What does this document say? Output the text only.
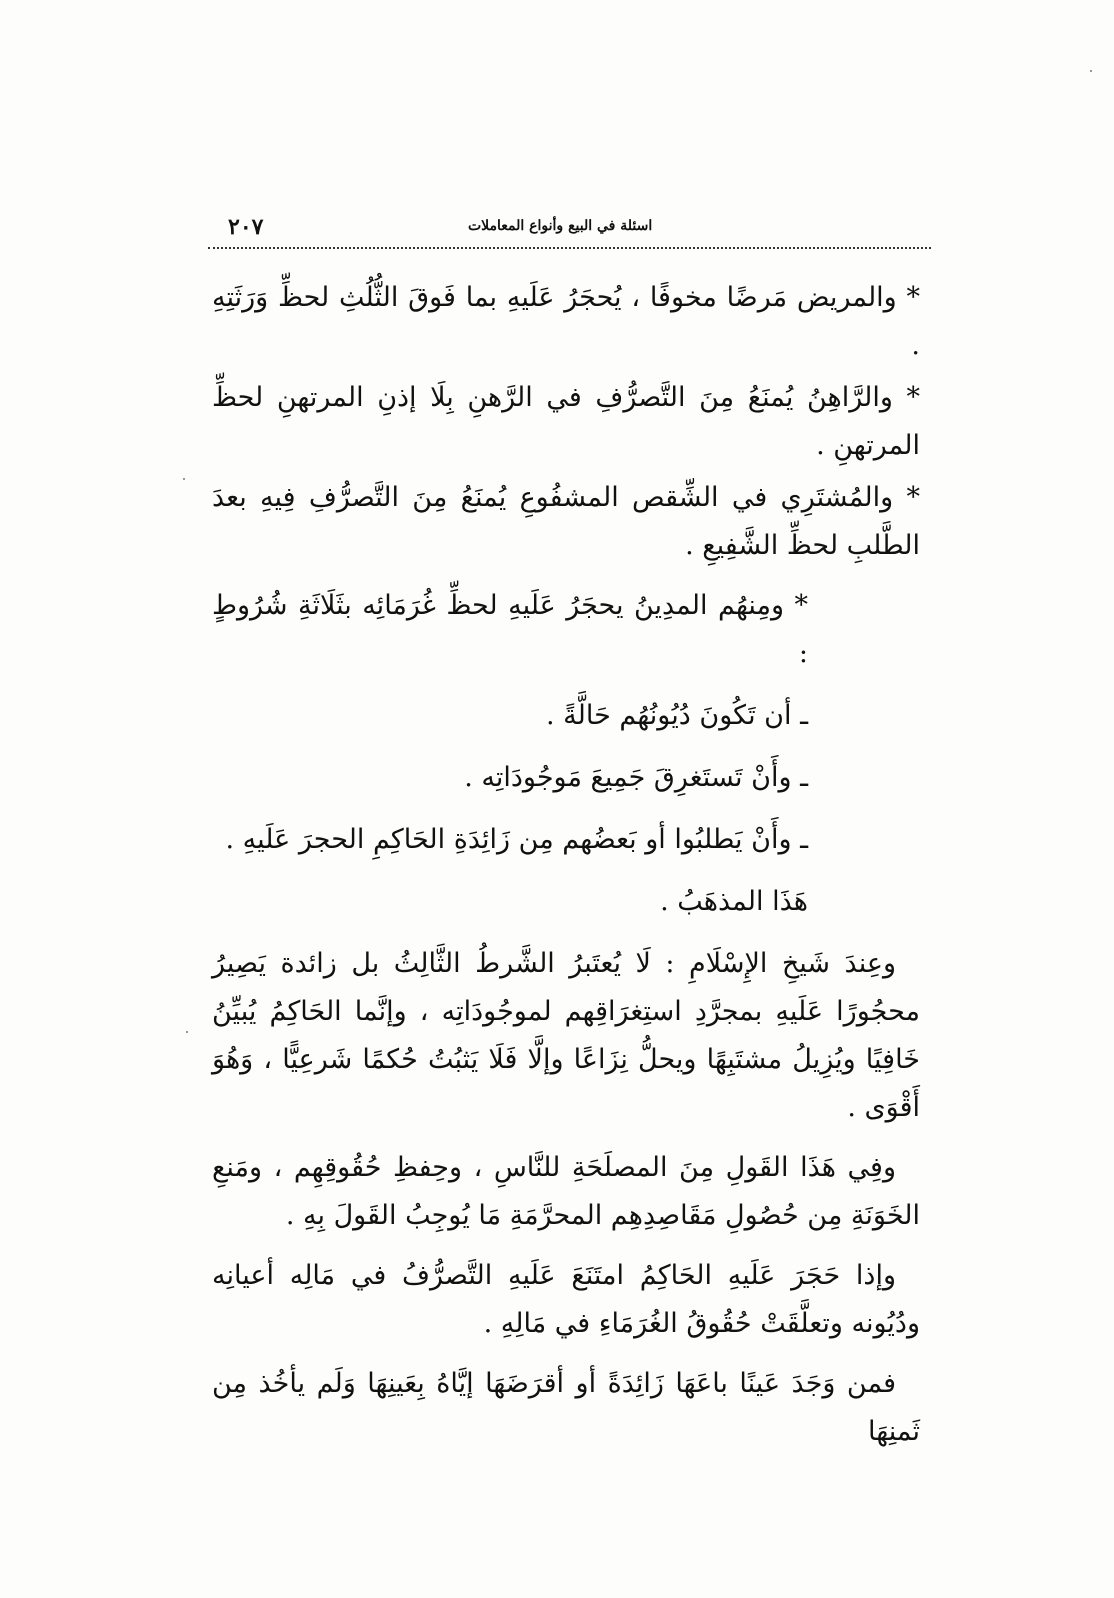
٢٠٧	اسئلة في البيع وأنواع المعاملات

* والمريض مَرضًا مخوفًا ، يُحجَرُ عَلَيهِ بما فَوقَ الثُّلُثِ لحظِّ وَرَثَتِهِ .

* والرَّاهِنُ يُمنَعُ مِنَ التَّصرُّفِ في الرَّهنِ بِلَا إذنِ المرتهنِ لحظِّ المرتهنِ .

* والمُشتَرِي في الشِّقص المشفُوعِ يُمنَعُ مِنَ التَّصرُّفِ فِيهِ بعدَ الطَّلبِ لحظِّ الشَّفِيعِ .

* ومِنهُم المدِينُ يحجَرُ عَلَيهِ لحظِّ غُرَمَائِه بثَلَاثَةِ شُرُوطٍ :

ـ أن تَكُونَ دُيُونُهُم حَالَّةً .

ـ وأَنْ تَستَغرِقَ جَمِيعَ مَوجُودَاتِه .

ـ وأَنْ يَطلبُوا أو بَعضُهم مِن زَائِدَةِ الحَاكِمِ الحجرَ عَلَيهِ .

هَذَا المذهَبُ .

وعِندَ شَيخِ الإِسْلَامِ : لَا يُعتَبرُ الشَّرطُ الثَّالِثُ بل زائدة يَصِيرُ محجُورًا عَلَيهِ بمجرَّدِ استِغرَاقِهم لموجُودَاتِه ، وإنَّما الحَاكِمُ يُبيِّنُ خَافِيًا ويُزِيلُ مشتَبِهًا ويحلُّ نِزَاعًا وإلَّا فَلَا يَثبُتُ حُكمًا شَرعِيًّا ، وَهُوَ أَقْوَى .

وفِي هَذَا القَولِ مِنَ المصلَحَةِ للنَّاسِ ، وحِفظِ حُقُوقِهِم ، ومَنعِ الخَوَنَةِ مِن حُصُولِ مَقَاصِدِهِم المحرَّمَةِ مَا يُوجِبُ القَولَ بِهِ .

وإذا حَجَرَ عَلَيهِ الحَاكِمُ امتَنَعَ عَلَيهِ التَّصرُّفُ في مَالِه أعيانِه ودُيُونه وتعلَّقَتْ حُقُوقُ الغُرَمَاءِ في مَالِهِ .

فمن وَجَدَ عَينًا باعَهَا زَائِدَةً أو أقرَضَهَا إيَّاهُ بِعَينِهَا وَلَم يأخُذ مِن ثَمنِهَا
